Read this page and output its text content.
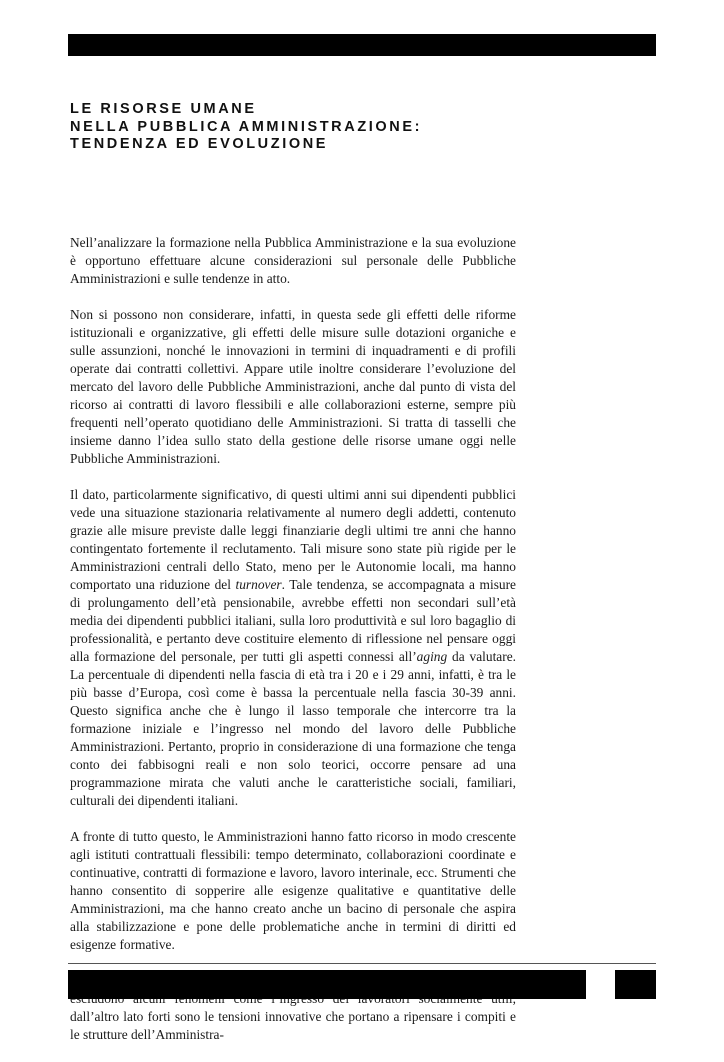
LE RISORSE UMANE
NELLA PUBBLICA AMMINISTRAZIONE:
TENDENZA ED EVOLUZIONE

Nell’analizzare la formazione nella Pubblica Amministrazione e la sua evoluzione è opportuno effettuare alcune considerazioni sul personale delle Pubbliche Amministrazioni e sulle tendenze in atto.

Non si possono non considerare, infatti, in questa sede gli effetti delle riforme istituzionali e organizzative, gli effetti delle misure sulle dotazioni organiche e sulle assunzioni, nonché le innovazioni in termini di inquadramenti e di profili operate dai contratti collettivi. Appare utile inoltre considerare l’evoluzione del mercato del lavoro delle Pubbliche Amministrazioni, anche dal punto di vista del ricorso ai contratti di lavoro flessibili e alle collaborazioni esterne, sempre più frequenti nell’operato quotidiano delle Amministrazioni. Si tratta di tasselli che insieme danno l’idea sullo stato della gestione delle risorse umane oggi nelle Pubbliche Amministrazioni.

Il dato, particolarmente significativo, di questi ultimi anni sui dipendenti pubblici vede una situazione stazionaria relativamente al numero degli addetti, contenuto grazie alle misure previste dalle leggi finanziarie degli ultimi tre anni che hanno contingentato fortemente il reclutamento. Tali misure sono state più rigide per le Amministrazioni centrali dello Stato, meno per le Autonomie locali, ma hanno comportato una riduzione del turnover. Tale tendenza, se accompagnata a misure di prolungamento dell’età pensionabile, avrebbe effetti non secondari sull’età media dei dipendenti pubblici italiani, sulla loro produttività e sul loro bagaglio di professionalità, e pertanto deve costituire elemento di riflessione nel pensare oggi alla formazione del personale, per tutti gli aspetti connessi all’aging da valutare. La percentuale di dipendenti nella fascia di età tra i 20 e i 29 anni, infatti, è tra le più basse d’Europa, così come è bassa la percentuale nella fascia 30-39 anni. Questo significa anche che è lungo il lasso temporale che intercorre tra la formazione iniziale e l’ingresso nel mondo del lavoro delle Pubbliche Amministrazioni. Pertanto, proprio in considerazione di una formazione che tenga conto dei fabbisogni reali e non solo teorici, occorre pensare ad una programmazione mirata che valuti anche le caratteristiche sociali, familiari, culturali dei dipendenti italiani.

A fronte di tutto questo, le Amministrazioni hanno fatto ricorso in modo crescente agli istituti contrattuali flessibili: tempo determinato, collaborazioni coordinate e continuative, contratti di formazione e lavoro, lavoro interinale, ecc. Strumenti che hanno consentito di sopperire alle esigenze qualitative e quantitative delle Amministrazioni, ma che hanno creato anche un bacino di personale che aspira alla stabilizzazione e pone delle problematiche anche in termini di diritti ed esigenze formative.

dall’altro lato forti sono le tensioni innovative che portano a ripensare i compiti e le strutture dell’Amministra-
